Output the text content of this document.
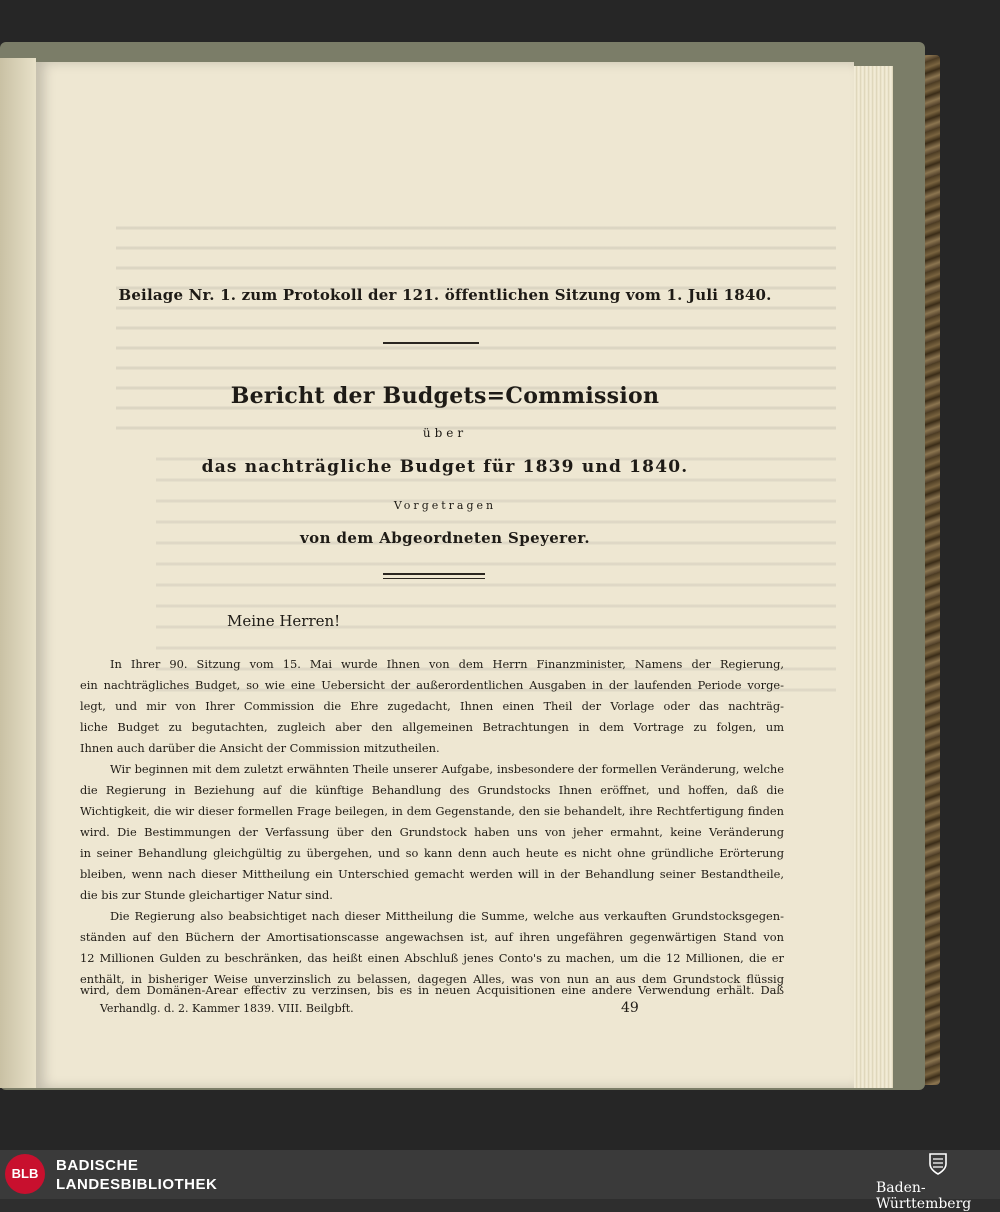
Beilage Nr. 1. zum Protokoll der 121. öffentlichen Sitzung vom 1. Juli 1840.
Bericht der Budgets=Commission
über
das nachträgliche Budget für 1839 und 1840.
Vorgetragen
von dem Abgeordneten Speyerer.
Meine Herren!
In Ihrer 90. Sitzung vom 15. Mai wurde Ihnen von dem Herrn Finanzminister, Namens der Regierung,
ein nachträgliches Budget, so wie eine Uebersicht der außerordentlichen Ausgaben in der laufenden Periode vorge-
legt, und mir von Ihrer Commission die Ehre zugedacht, Ihnen einen Theil der Vorlage oder das nachträg-
liche Budget zu begutachten, zugleich aber den allgemeinen Betrachtungen in dem Vortrage zu folgen, um
Ihnen auch darüber die Ansicht der Commission mitzutheilen.
Wir beginnen mit dem zuletzt erwähnten Theile unserer Aufgabe, insbesondere der formellen Veränderung, welche
die Regierung in Beziehung auf die künftige Behandlung des Grundstocks Ihnen eröffnet, und hoffen, daß die
Wichtigkeit, die wir dieser formellen Frage beilegen, in dem Gegenstande, den sie behandelt, ihre Rechtfertigung finden
wird. Die Bestimmungen der Verfassung über den Grundstock haben uns von jeher ermahnt, keine Veränderung
in seiner Behandlung gleichgültig zu übergehen, und so kann denn auch heute es nicht ohne gründliche Erörterung
bleiben, wenn nach dieser Mittheilung ein Unterschied gemacht werden will in der Behandlung seiner Bestandtheile,
die bis zur Stunde gleichartiger Natur sind.
Die Regierung also beabsichtiget nach dieser Mittheilung die Summe, welche aus verkauften Grundstocksgegen-
ständen auf den Büchern der Amortisationscasse angewachsen ist, auf ihren ungefähren gegenwärtigen Stand von
12 Millionen Gulden zu beschränken, das heißt einen Abschluß jenes Conto's zu machen, um die 12 Millionen, die er
enthält, in bisheriger Weise unverzinslich zu belassen, dagegen Alles, was von nun an aus dem Grundstock flüssig
wird, dem Domänen-Arear effectiv zu verzinsen, bis es in neuen Acquisitionen eine andere Verwendung erhält. Daß
Verhandlg. d. 2. Kammer 1839. VIII. Beilgbft.	49
BLB	BADISCHE
LANDESBIBLIOTHEK	Baden-Württemberg
